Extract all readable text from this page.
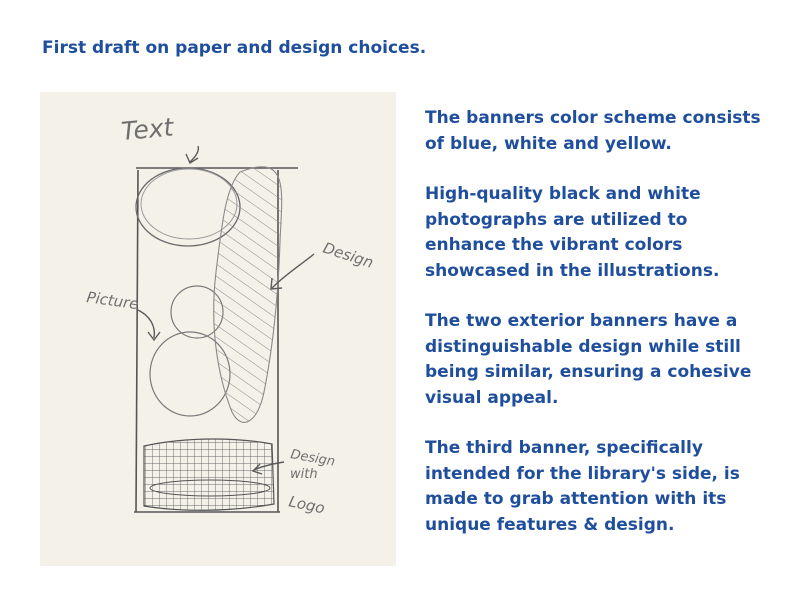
First draft on paper and design choices.
Text
Picture
Design
Design
with
Logo

The banners color scheme consists of blue, white and yellow.

High-quality black and white photographs are utilized to enhance the vibrant colors showcased in the illustrations.

The two exterior banners have a distinguishable design while still being similar, ensuring a cohesive visual appeal.

The third banner, specifically intended for the library's side, is made to grab attention with its unique features & design.
